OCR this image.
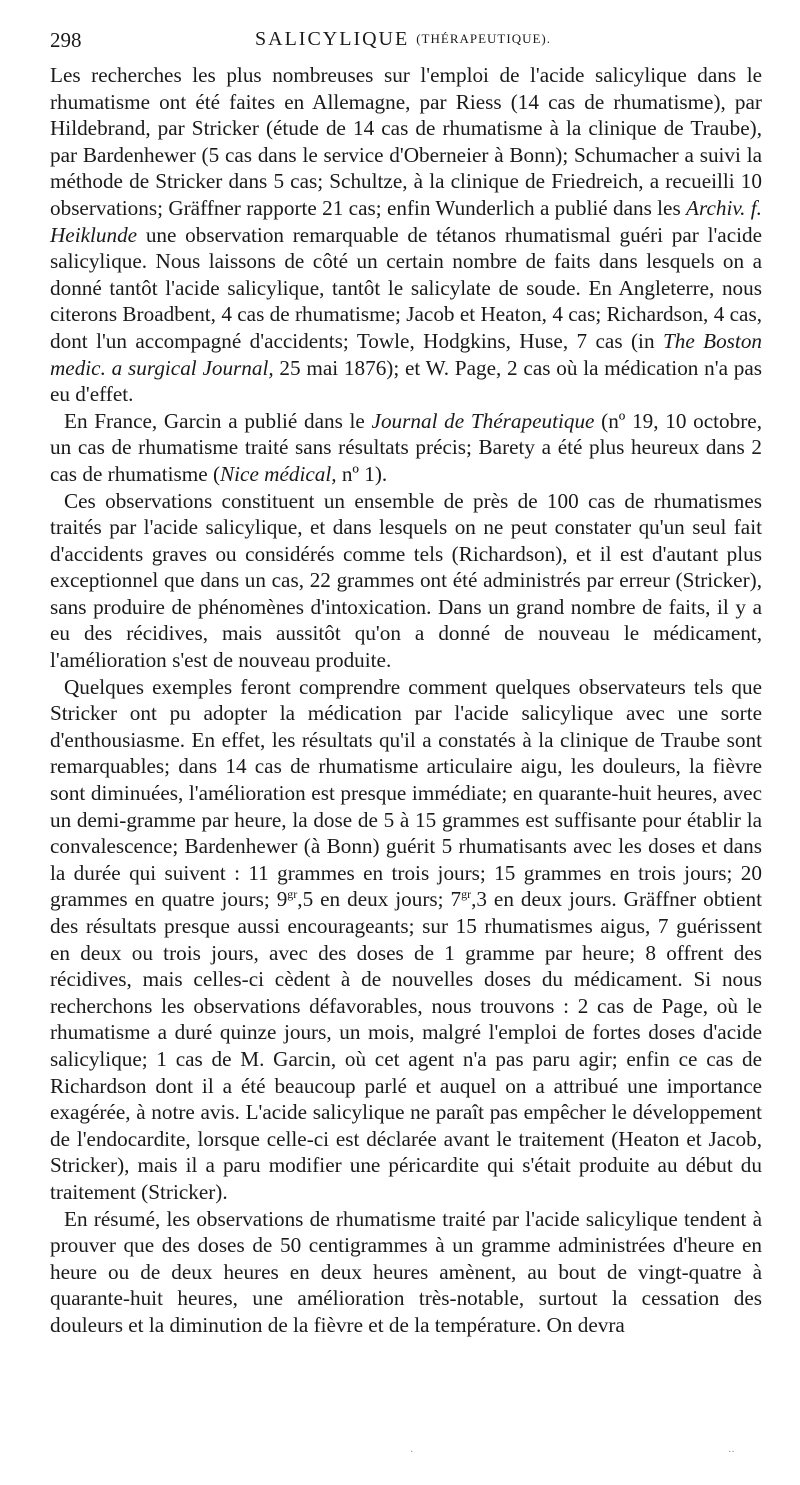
298	SALICYLIQUE (THÉRAPEUTIQUE).

Les recherches les plus nombreuses sur l'emploi de l'acide salicylique dans le rhumatisme ont été faites en Allemagne, par Riess (14 cas de rhumatisme), par Hildebrand, par Stricker (étude de 14 cas de rhumatisme à la clinique de Traube), par Bardenhewer (5 cas dans le service d'Oberneier à Bonn); Schumacher a suivi la méthode de Stricker dans 5 cas; Schultze, à la clinique de Friedreich, a recueilli 10 observations; Gräffner rapporte 21 cas; enfin Wunderlich a publié dans les Archiv. f. Heiklunde une observation remarquable de tétanos rhumatismal guéri par l'acide salicylique. Nous laissons de côté un certain nombre de faits dans lesquels on a donné tantôt l'acide salicylique, tantôt le salicylate de soude. En Angleterre, nous citerons Broadbent, 4 cas de rhumatisme; Jacob et Heaton, 4 cas; Richardson, 4 cas, dont l'un accompagné d'accidents; Towle, Hodgkins, Huse, 7 cas (in The Boston medic. a surgical Journal, 25 mai 1876); et W. Page, 2 cas où la médication n'a pas eu d'effet.

En France, Garcin a publié dans le Journal de Thérapeutique (nº 19, 10 octobre, un cas de rhumatisme traité sans résultats précis; Barety a été plus heureux dans 2 cas de rhumatisme (Nice médical, nº 1).

Ces observations constituent un ensemble de près de 100 cas de rhumatismes traités par l'acide salicylique, et dans lesquels on ne peut constater qu'un seul fait d'accidents graves ou considérés comme tels (Richardson), et il est d'autant plus exceptionnel que dans un cas, 22 grammes ont été administrés par erreur (Stricker), sans produire de phénomènes d'intoxication. Dans un grand nombre de faits, il y a eu des récidives, mais aussitôt qu'on a donné de nouveau le médicament, l'amélioration s'est de nouveau produite.

Quelques exemples feront comprendre comment quelques observateurs tels que Stricker ont pu adopter la médication par l'acide salicylique avec une sorte d'enthousiasme. En effet, les résultats qu'il a constatés à la clinique de Traube sont remarquables; dans 14 cas de rhumatisme articulaire aigu, les douleurs, la fièvre sont diminuées, l'amélioration est presque immédiate; en quarante-huit heures, avec un demi-gramme par heure, la dose de 5 à 15 grammes est suffisante pour établir la convalescence; Bardenhewer (à Bonn) guérit 5 rhumatisants avec les doses et dans la durée qui suivent : 11 grammes en trois jours; 15 grammes en trois jours; 20 grammes en quatre jours; $9^{gr},5$ en deux jours; $7^{gr},3$ en deux jours. Gräffner obtient des résultats presque aussi encourageants; sur 15 rhumatismes aigus, 7 guérissent en deux ou trois jours, avec des doses de 1 gramme par heure; 8 offrent des récidives, mais celles-ci cèdent à de nouvelles doses du médicament. Si nous recherchons les observations défavorables, nous trouvons : 2 cas de Page, où le rhumatisme a duré quinze jours, un mois, malgré l'emploi de fortes doses d'acide salicylique; 1 cas de M. Garcin, où cet agent n'a pas paru agir; enfin ce cas de Richardson dont il a été beaucoup parlé et auquel on a attribué une importance exagérée, à notre avis. L'acide salicylique ne paraît pas empêcher le développement de l'endocardite, lorsque celle-ci est déclarée avant le traitement (Heaton et Jacob, Stricker), mais il a paru modifier une péricardite qui s'était produite au début du traitement (Stricker).

En résumé, les observations de rhumatisme traité par l'acide salicylique tendent à prouver que des doses de 50 centigrammes à un gramme administrées d'heure en heure ou de deux heures en deux heures amènent, au bout de vingt-quatre à quarante-huit heures, une amélioration très-notable, surtout la cessation des douleurs et la diminution de la fièvre et de la température. On devra

·	··
